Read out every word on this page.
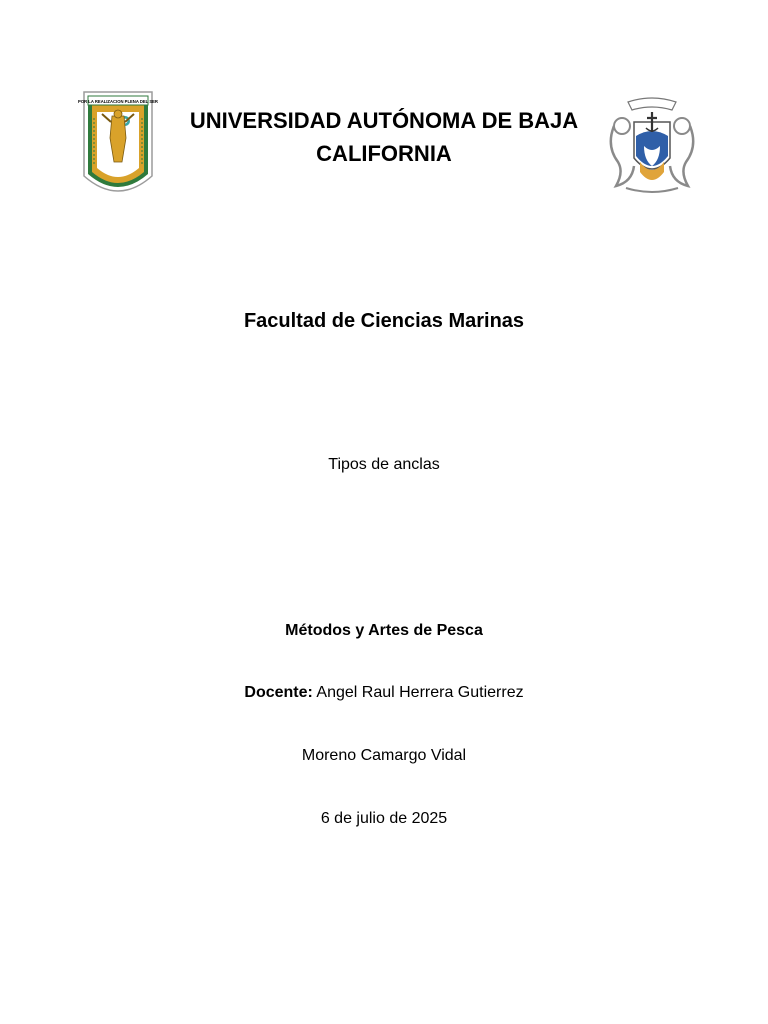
POR LA REALIZACION PLENA DEL SER
UNIVERSIDAD AUTÓNOMA DE BAJA
CALIFORNIA
Facultad de Ciencias Marinas
Tipos de anclas
Métodos y Artes de Pesca
Docente: Angel Raul Herrera Gutierrez
Moreno Camargo Vidal
6 de julio de 2025
